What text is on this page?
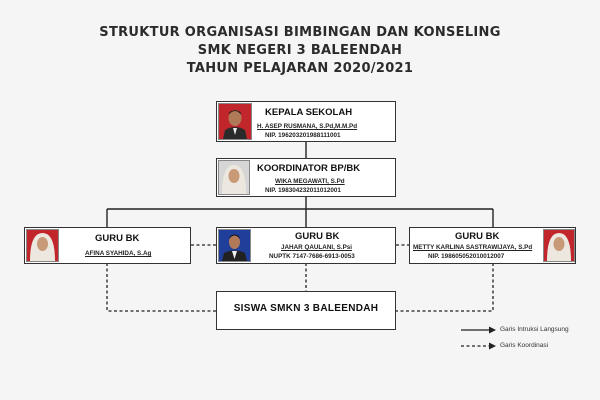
STRUKTUR ORGANISASI BIMBINGAN DAN KONSELING
SMK NEGERI 3 BALEENDAH
TAHUN PELAJARAN 2020/2021
KEPALA SEKOLAH
H. ASEP RUSMANA, S.Pd,M.M.Pd
NIP. 196203201988111001
KOORDINATOR BP/BK
WIKA MEGAWATI, S.Pd
NIP. 198304232011012001
GURU BK
AFINA SYAHIDA, S.Ag
GURU BK
JAHAR QAULANI, S.Psi
NUPTK 7147-7686-6913-0053
GURU BK
METTY KARLINA SASTRAWIJAYA, S.Pd
NIP. 198605052010012007
SISWA SMKN 3 BALEENDAH
Garis Intruksi Langsung
Garis Koordinasi
